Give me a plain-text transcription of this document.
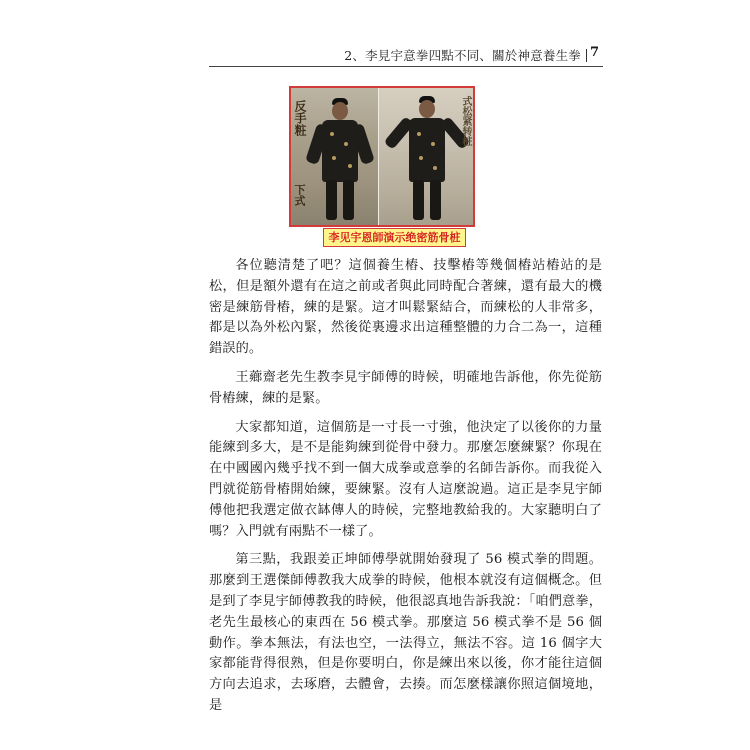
2、李見宇意拳四點不同、關於神意養生拳 7
反手粧
下式
式松紧转桩
李见宇恩師演示绝密筋骨桩

各位聽清楚了吧？這個養生樁、技擊樁等幾個樁站樁站的是松，但是額外還有在這之前或者與此同時配合著練，還有最大的機密是練筋骨樁，練的是緊。這才叫鬆緊結合，而練松的人非常多，都是以為外松內緊，然後從裏邊求出這種整體的力合二為一，這種錯誤的。

王薌齋老先生教李見宇師傅的時候，明確地告訴他，你先從筋骨樁練，練的是緊。

大家都知道，這個筋是一寸長一寸強，他決定了以後你的力量能練到多大，是不是能夠練到從骨中發力。那麼怎麼練緊？你現在在中國國內幾乎找不到一個大成拳或意拳的名師告訴你。而我從入門就從筋骨樁開始練，要練緊。沒有人這麼說過。這正是李見宇師傅他把我選定做衣缽傳人的時候，完整地教給我的。大家聽明白了嗎？入門就有兩點不一樣了。

第三點，我跟姜正坤師傅學就開始發現了 56 模式拳的問題。那麼到王選傑師傅教我大成拳的時候，他根本就沒有這個概念。但是到了李見宇師傅教我的時候，他很認真地告訴我說：「咱們意拳，老先生最核心的東西在 56 模式拳。那麼這 56 模式拳不是 56 個動作。拳本無法，有法也空，一法得立，無法不容。這 16 個字大家都能背得很熟，但是你要明白，你是練出來以後，你才能往這個方向去追求，去琢磨，去體會，去揍。而怎麼樣讓你照這個境地，是
